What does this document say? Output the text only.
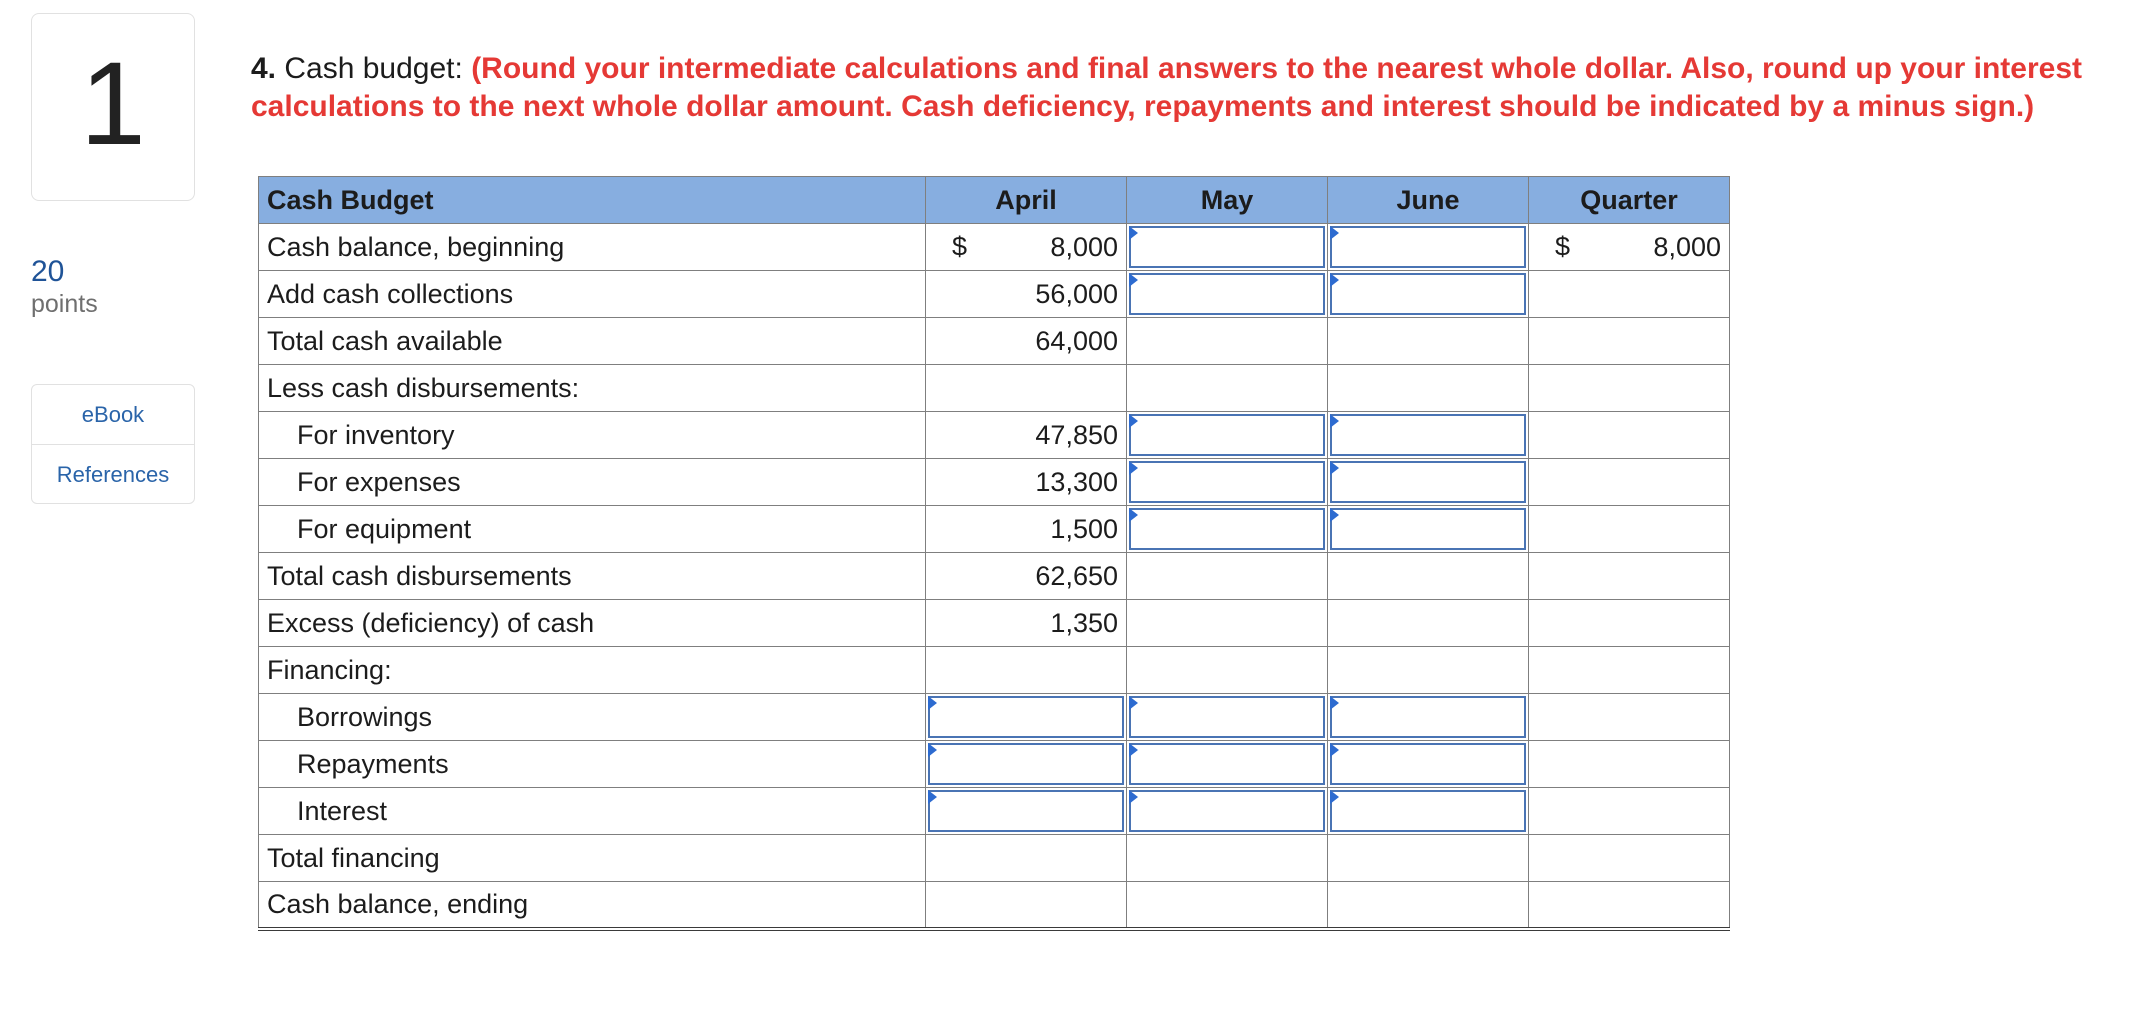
1
20
points
eBook
References
4. Cash budget: (Round your intermediate calculations and final answers to the nearest whole dollar. Also, round up your interest calculations to the next whole dollar amount. Cash deficiency, repayments and interest should be indicated by a minus sign.)
Cash Budget	April	May	June	Quarter
Cash balance, beginning	$ 8,000			$ 8,000
Add cash collections	56,000	

Total cash available	64,000			
Less cash disbursements:				
For inventory	47,850	

For expenses	13,300	

For equipment	1,500	

Total cash disbursements	62,650			
Excess (deficiency) of cash	1,350			
Financing:				
Borrowings	

Repayments	

Interest	

Total financing				
Cash balance, ending				
